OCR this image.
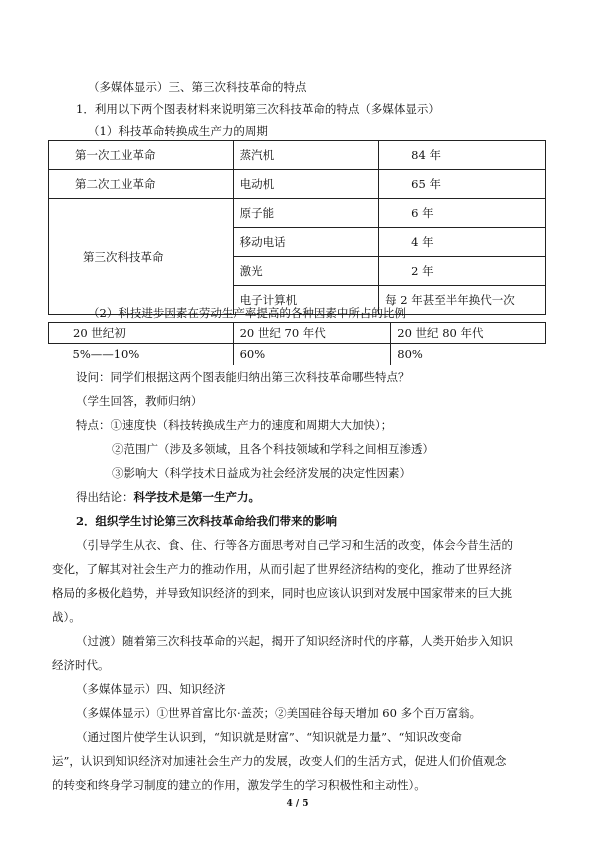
（多媒体显示）三、第三次科技革命的特点
1．利用以下两个图表材料来说明第三次科技革命的特点（多媒体显示）
（1）科技革命转换成生产力的周期
第一次工业革命	蒸汽机	84 年
第二次工业革命	电动机	65 年
第三次科技革命	原子能	6 年
	移动电话	4 年
	激光	2 年
	电子计算机	每 2 年甚至半年换代一次
（2）科技进步因素在劳动生产率提高的各种因素中所占的比例
20 世纪初	20 世纪 70 年代	20 世纪 80 年代
5%——10%	60%	80%
设问：同学们根据这两个图表能归纳出第三次科技革命哪些特点？
（学生回答，教师归纳）
特点：①速度快（科技转换成生产力的速度和周期大大加快）；
②范围广（涉及多领域，且各个科技领域和学科之间相互渗透）
③影响大（科学技术日益成为社会经济发展的决定性因素）
得出结论：科学技术是第一生产力。
2．组织学生讨论第三次科技革命给我们带来的影响
（引导学生从衣、食、住、行等各方面思考对自己学习和生活的改变，体会今昔生活的
变化，了解其对社会生产力的推动作用，从而引起了世界经济结构的变化，推动了世界经济
格局的多极化趋势，并导致知识经济的到来，同时也应该认识到对发展中国家带来的巨大挑
战）。
（过渡）随着第三次科技革命的兴起，揭开了知识经济时代的序幕，人类开始步入知识
经济时代。
（多媒体显示）四、知识经济
（多媒体显示）①世界首富比尔·盖茨；②美国硅谷每天增加 60 多个百万富翁。
（通过图片使学生认识到，“知识就是财富”、“知识就是力量”、“知识改变命
运”，认识到知识经济对加速社会生产力的发展，改变人们的生活方式，促进人们价值观念
的转变和终身学习制度的建立的作用，激发学生的学习积极性和主动性）。
4 / 5
